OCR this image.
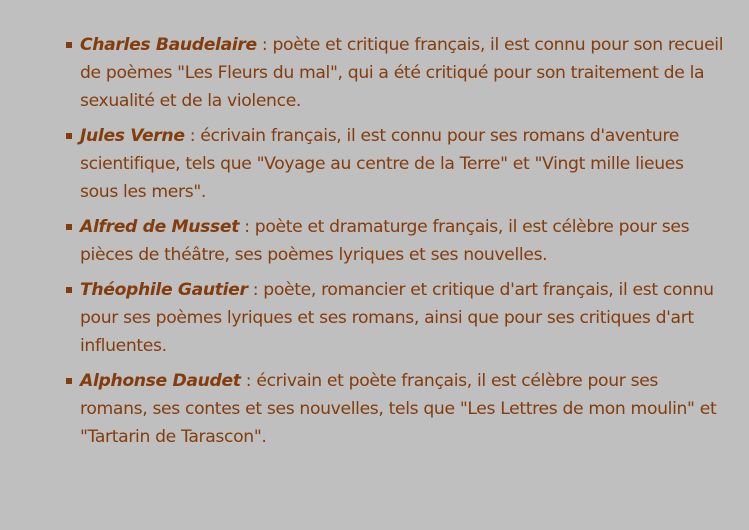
Charles Baudelaire : poète et critique français, il est connu pour son recueil de poèmes "Les Fleurs du mal", qui a été critiqué pour son traitement de la sexualité et de la violence.
Jules Verne : écrivain français, il est connu pour ses romans d'aventure scientifique, tels que "Voyage au centre de la Terre" et "Vingt mille lieues sous les mers".
Alfred de Musset : poète et dramaturge français, il est célèbre pour ses pièces de théâtre, ses poèmes lyriques et ses nouvelles.
Théophile Gautier : poète, romancier et critique d'art français, il est connu pour ses poèmes lyriques et ses romans, ainsi que pour ses critiques d'art influentes.
Alphonse Daudet : écrivain et poète français, il est célèbre pour ses romans, ses contes et ses nouvelles, tels que "Les Lettres de mon moulin" et "Tartarin de Tarascon".
